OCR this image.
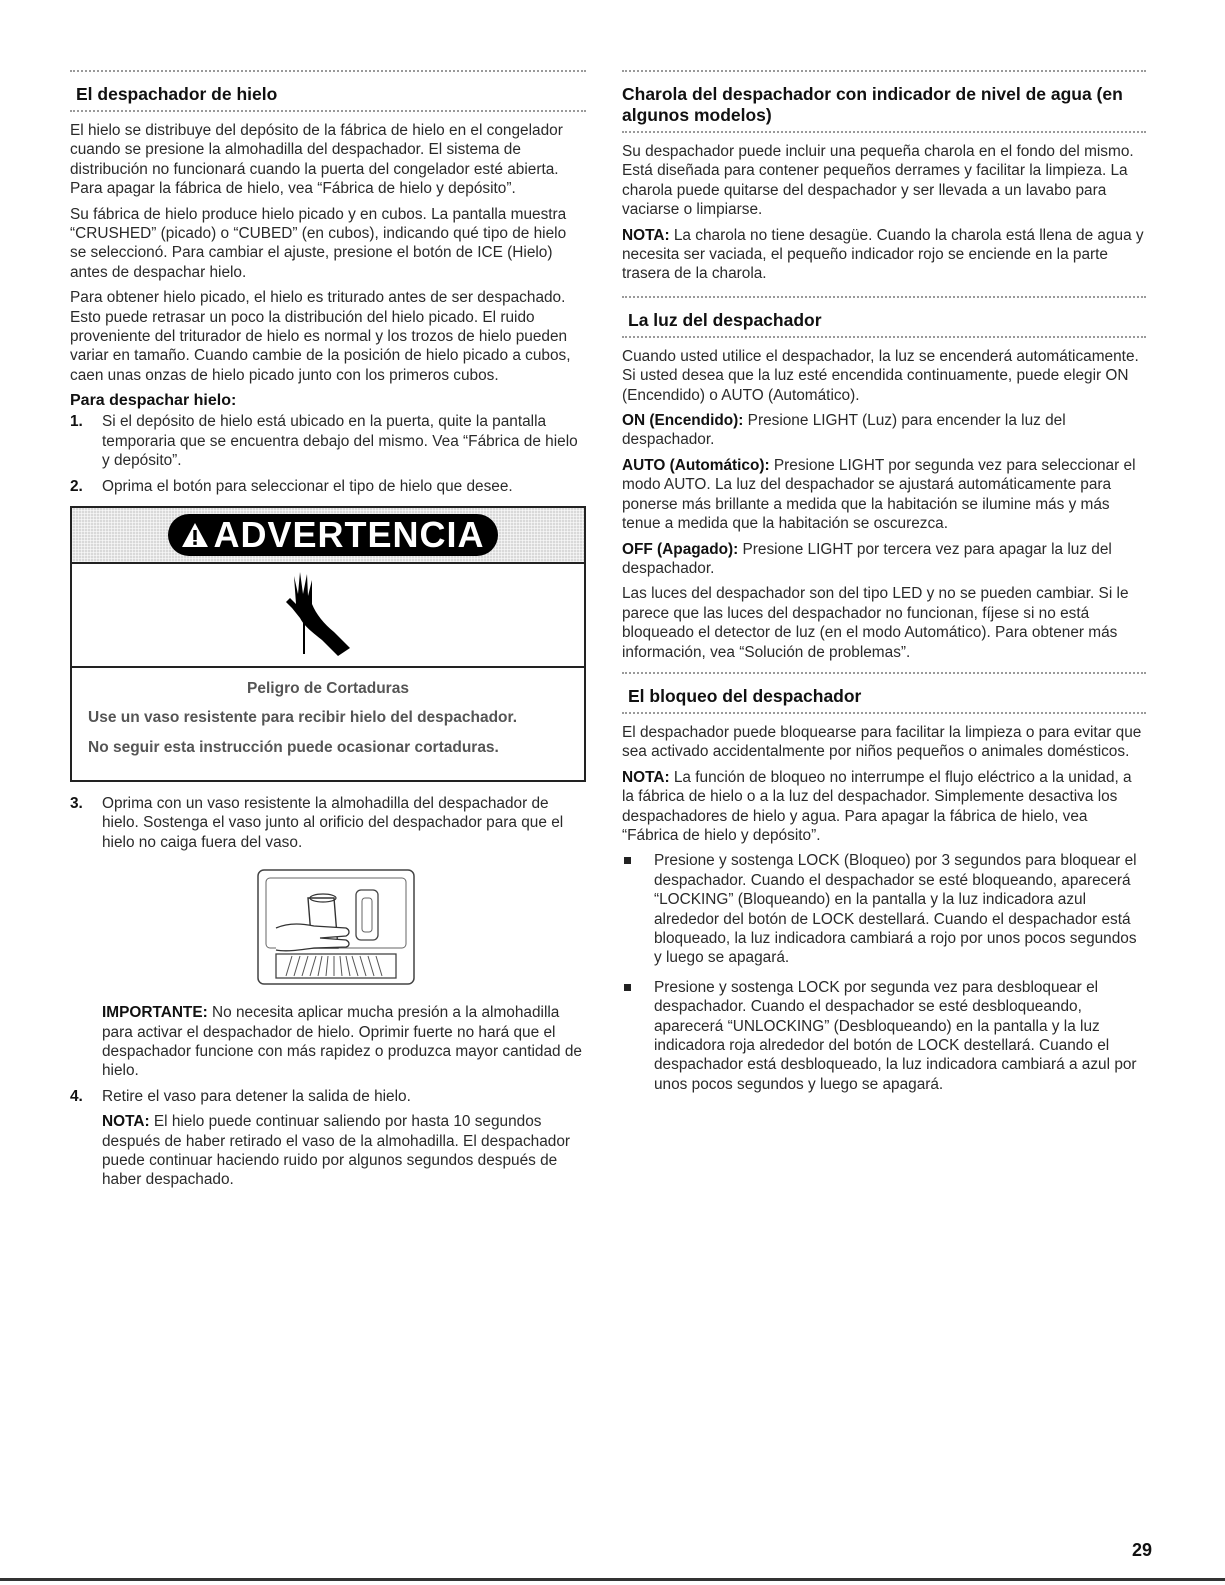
El despachador de hielo

El hielo se distribuye del depósito de la fábrica de hielo en el congelador cuando se presione la almohadilla del despachador. El sistema de distribución no funcionará cuando la puerta del congelador esté abierta. Para apagar la fábrica de hielo, vea “Fábrica de hielo y depósito”.

Su fábrica de hielo produce hielo picado y en cubos. La pantalla muestra “CRUSHED” (picado) o “CUBED” (en cubos), indicando qué tipo de hielo se seleccionó. Para cambiar el ajuste, presione el botón de ICE (Hielo) antes de despachar hielo.

Para obtener hielo picado, el hielo es triturado antes de ser despachado. Esto puede retrasar un poco la distribución del hielo picado. El ruido proveniente del triturador de hielo es normal y los trozos de hielo pueden variar en tamaño. Cuando cambie de la posición de hielo picado a cubos, caen unas onzas de hielo picado junto con los primeros cubos.

Para despachar hielo:
1. Si el depósito de hielo está ubicado en la puerta, quite la pantalla temporaria que se encuentra debajo del mismo. Vea “Fábrica de hielo y depósito”.
2. Oprima el botón para seleccionar el tipo de hielo que desee.
ADVERTENCIA
Peligro de Cortaduras
Use un vaso resistente para recibir hielo del despachador.
No seguir esta instrucción puede ocasionar cortaduras.
3. Oprima con un vaso resistente la almohadilla del despachador de hielo. Sostenga el vaso junto al orificio del despachador para que el hielo no caiga fuera del vaso.

IMPORTANTE: No necesita aplicar mucha presión a la almohadilla para activar el despachador de hielo. Oprimir fuerte no hará que el despachador funcione con más rapidez o produzca mayor cantidad de hielo.

4. Retire el vaso para detener la salida de hielo.

NOTA: El hielo puede continuar saliendo por hasta 10 segundos después de haber retirado el vaso de la almohadilla. El despachador puede continuar haciendo ruido por algunos segundos después de haber despachado.

Charola del despachador con indicador de nivel de agua (en algunos modelos)

Su despachador puede incluir una pequeña charola en el fondo del mismo. Está diseñada para contener pequeños derrames y facilitar la limpieza. La charola puede quitarse del despachador y ser llevada a un lavabo para vaciarse o limpiarse.

NOTA: La charola no tiene desagüe. Cuando la charola está llena de agua y necesita ser vaciada, el pequeño indicador rojo se enciende en la parte trasera de la charola.

La luz del despachador

Cuando usted utilice el despachador, la luz se encenderá automáticamente. Si usted desea que la luz esté encendida continuamente, puede elegir ON (Encendido) o AUTO (Automático).

ON (Encendido): Presione LIGHT (Luz) para encender la luz del despachador.

AUTO (Automático): Presione LIGHT por segunda vez para seleccionar el modo AUTO. La luz del despachador se ajustará automáticamente para ponerse más brillante a medida que la habitación se ilumine más y más tenue a medida que la habitación se oscurezca.

OFF (Apagado): Presione LIGHT por tercera vez para apagar la luz del despachador.

Las luces del despachador son del tipo LED y no se pueden cambiar. Si le parece que las luces del despachador no funcionan, fíjese si no está bloqueado el detector de luz (en el modo Automático). Para obtener más información, vea “Solución de problemas”.

El bloqueo del despachador

El despachador puede bloquearse para facilitar la limpieza o para evitar que sea activado accidentalmente por niños pequeños o animales domésticos.

NOTA: La función de bloqueo no interrumpe el flujo eléctrico a la unidad, a la fábrica de hielo o a la luz del despachador. Simplemente desactiva los despachadores de hielo y agua. Para apagar la fábrica de hielo, vea “Fábrica de hielo y depósito”.

Presione y sostenga LOCK (Bloqueo) por 3 segundos para bloquear el despachador. Cuando el despachador se esté bloqueando, aparecerá “LOCKING” (Bloqueando) en la pantalla y la luz indicadora azul alrededor del botón de LOCK destellará. Cuando el despachador está bloqueado, la luz indicadora cambiará a rojo por unos pocos segundos y luego se apagará.
Presione y sostenga LOCK por segunda vez para desbloquear el despachador. Cuando el despachador se esté desbloqueando, aparecerá “UNLOCKING” (Desbloqueando) en la pantalla y la luz indicadora roja alrededor del botón de LOCK destellará. Cuando el despachador está desbloqueado, la luz indicadora cambiará a azul por unos pocos segundos y luego se apagará.
29
